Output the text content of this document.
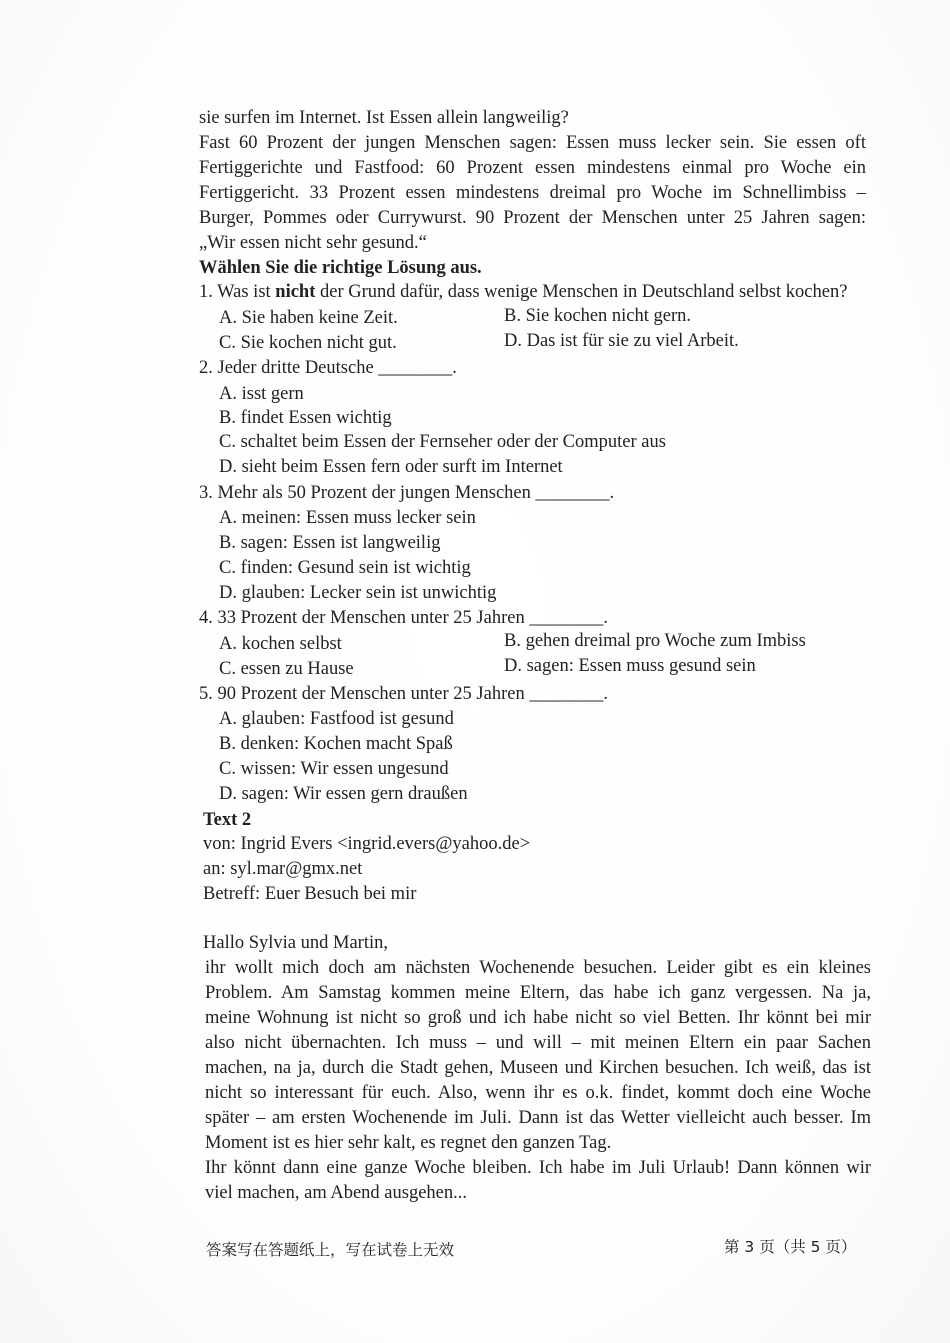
sie surfen im Internet. Ist Essen allein langweilig?
Fast 60 Prozent der jungen Menschen sagen: Essen muss lecker sein. Sie essen oft
Fertiggerichte und Fastfood: 60 Prozent essen mindestens einmal pro Woche ein
Fertiggericht. 33 Prozent essen mindestens dreimal pro Woche im Schnellimbiss –
Burger, Pommes oder Currywurst. 90 Prozent der Menschen unter 25 Jahren sagen:
„Wir essen nicht sehr gesund.“
Wählen Sie die richtige Lösung aus.
1. Was ist nicht der Grund dafür, dass wenige Menschen in Deutschland selbst kochen?
A. Sie haben keine Zeit.	B. Sie kochen nicht gern.
C. Sie kochen nicht gut.	D. Das ist für sie zu viel Arbeit.
2. Jeder dritte Deutsche ________.
A. isst gern
B. findet Essen wichtig
C. schaltet beim Essen der Fernseher oder der Computer aus
D. sieht beim Essen fern oder surft im Internet
3. Mehr als 50 Prozent der jungen Menschen ________.
A. meinen: Essen muss lecker sein
B. sagen: Essen ist langweilig
C. finden: Gesund sein ist wichtig
D. glauben: Lecker sein ist unwichtig
4. 33 Prozent der Menschen unter 25 Jahren ________.
A. kochen selbst	B. gehen dreimal pro Woche zum Imbiss
C. essen zu Hause	D. sagen: Essen muss gesund sein
5. 90 Prozent der Menschen unter 25 Jahren ________.
A. glauben: Fastfood ist gesund
B. denken: Kochen macht Spaß
C. wissen: Wir essen ungesund
D. sagen: Wir essen gern draußen
Text 2
von: Ingrid Evers <ingrid.evers@yahoo.de>
an: syl.mar@gmx.net
Betreff: Euer Besuch bei mir
Hallo Sylvia und Martin,
ihr wollt mich doch am nächsten Wochenende besuchen. Leider gibt es ein kleines
Problem. Am Samstag kommen meine Eltern, das habe ich ganz vergessen. Na ja,
meine Wohnung ist nicht so groß und ich habe nicht so viel Betten. Ihr könnt bei mir
also nicht übernachten. Ich muss – und will – mit meinen Eltern ein paar Sachen
machen, na ja, durch die Stadt gehen, Museen und Kirchen besuchen. Ich weiß, das ist
nicht so interessant für euch. Also, wenn ihr es o.k. findet, kommt doch eine Woche
später – am ersten Wochenende im Juli. Dann ist das Wetter vielleicht auch besser. Im
Moment ist es hier sehr kalt, es regnet den ganzen Tag.
Ihr könnt dann eine ganze Woche bleiben. Ich habe im Juli Urlaub! Dann können wir
viel machen, am Abend ausgehen...
答案写在答题纸上，写在试卷上无效	第 3 页（共 5 页）
